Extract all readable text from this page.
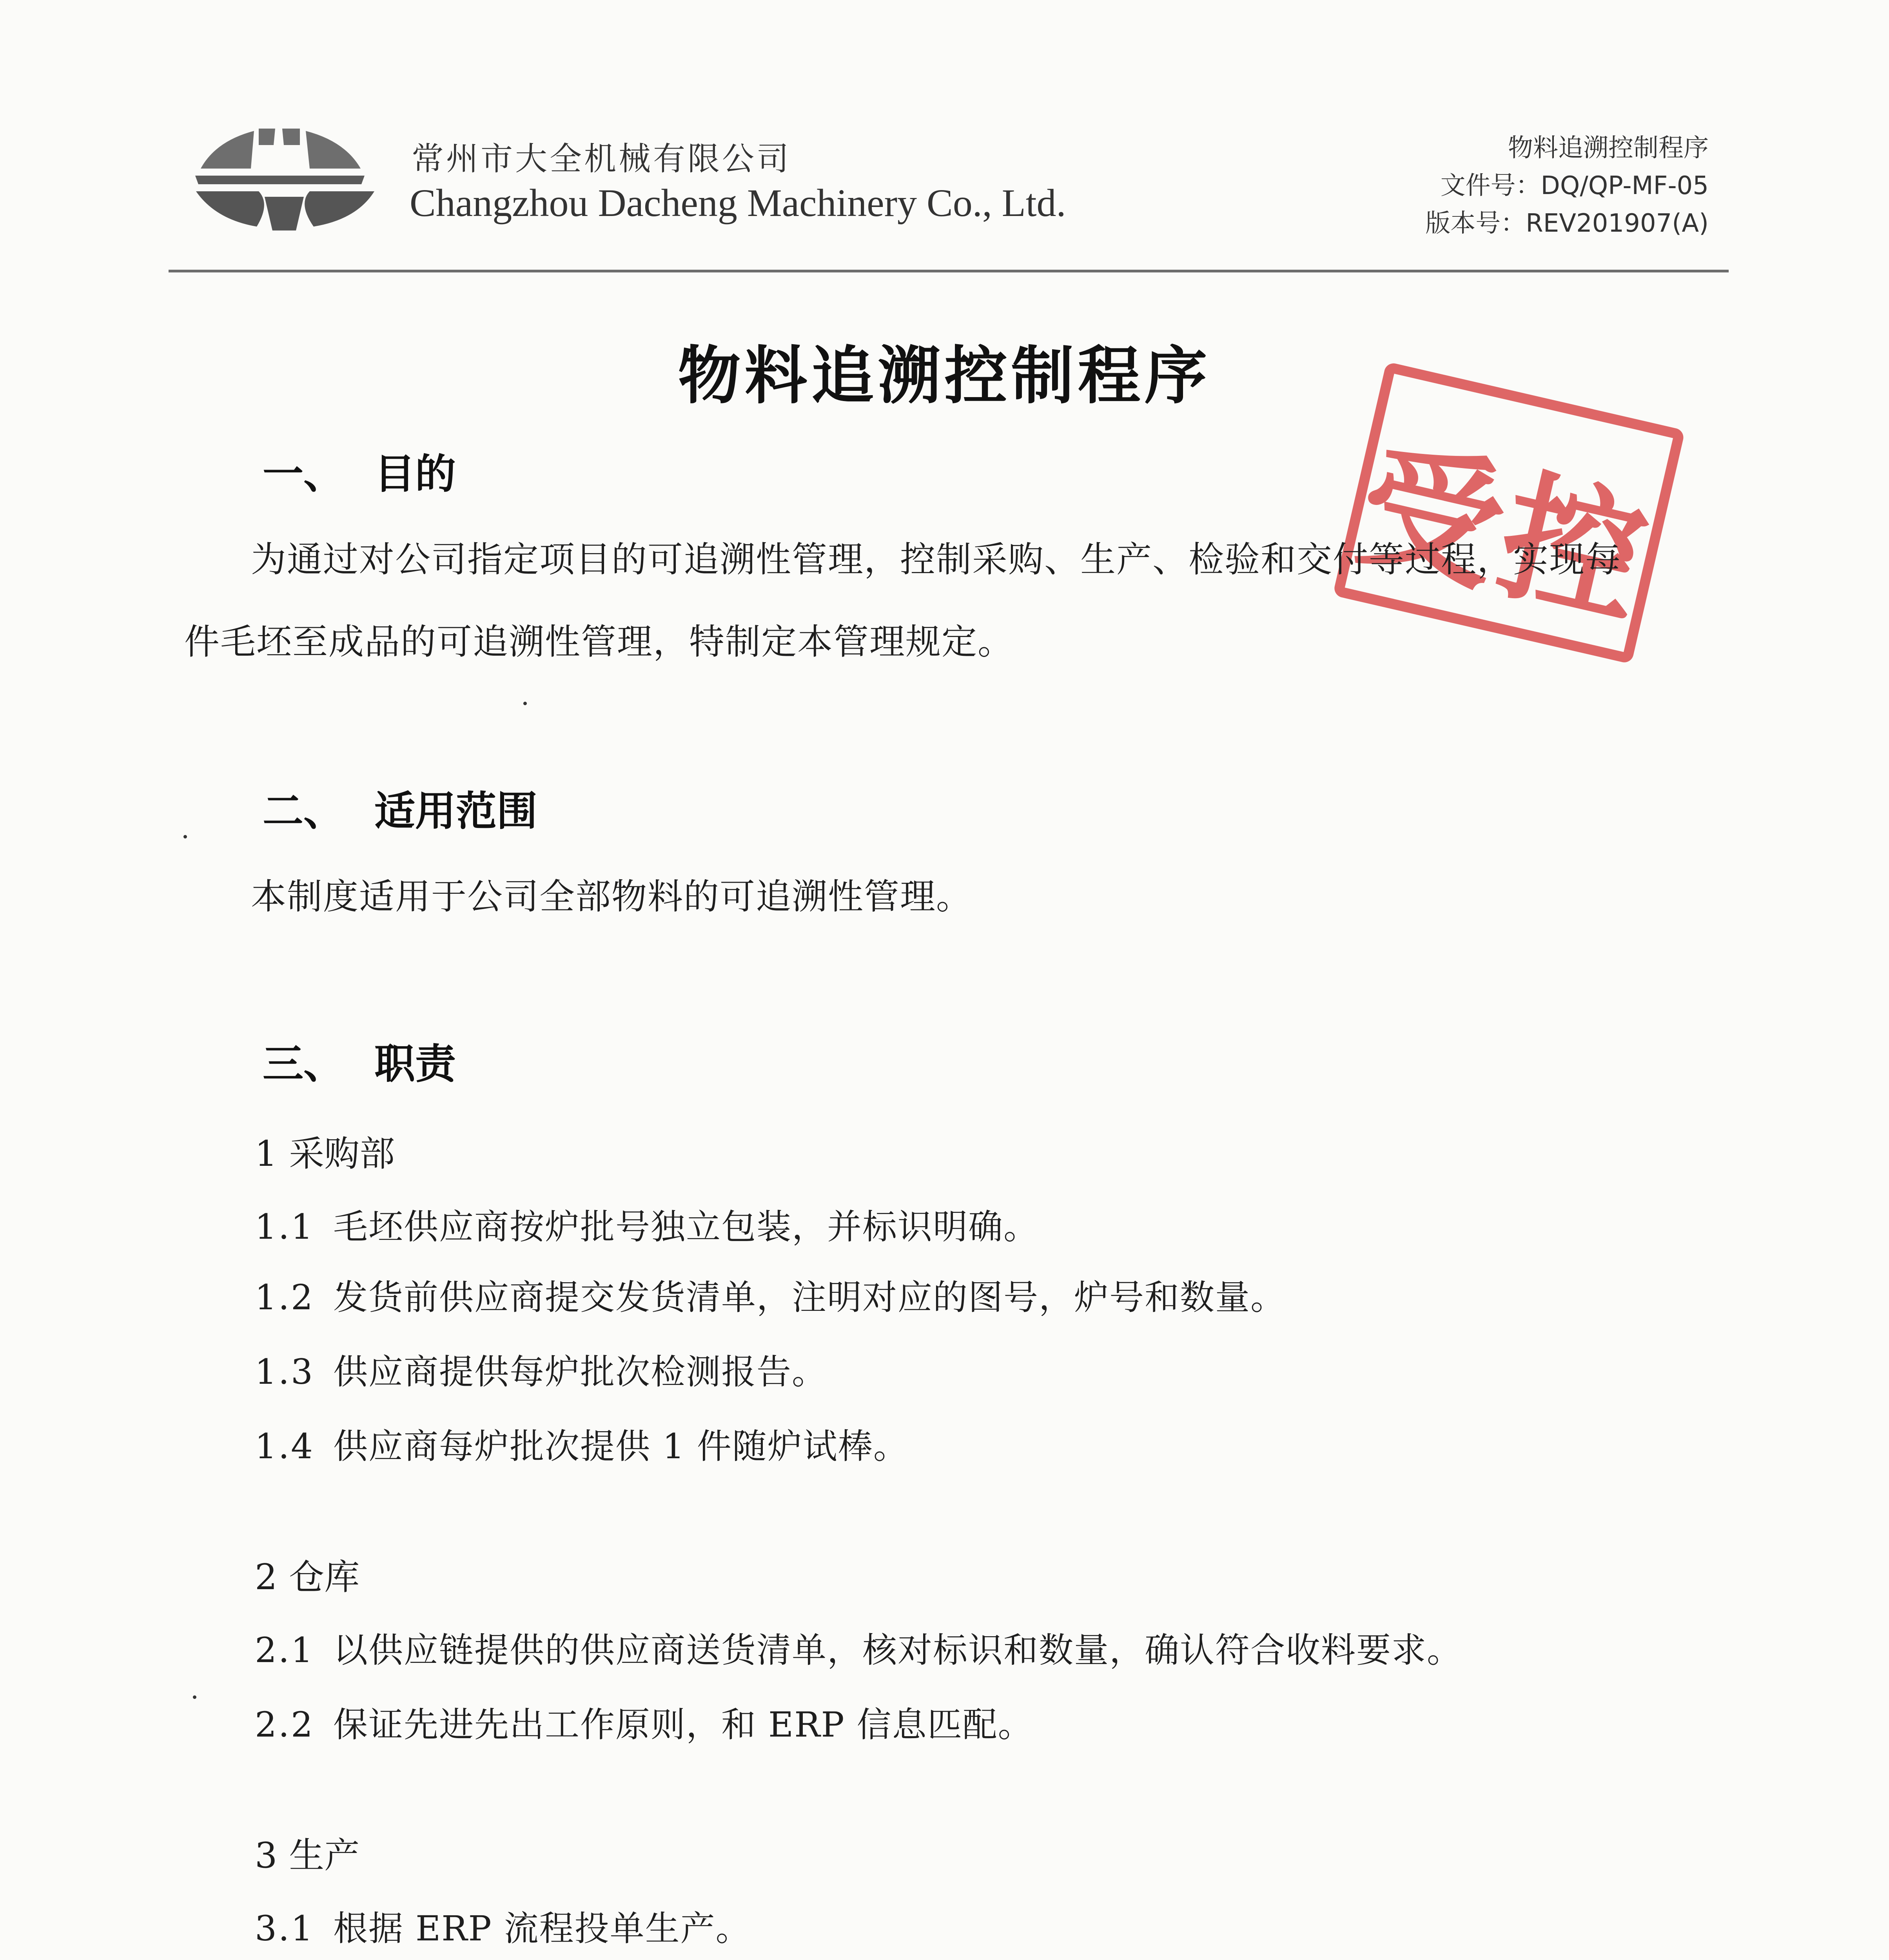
常州市大全机械有限公司
Changzhou Dacheng Machinery Co., Ltd.
物料追溯控制程序
文件号：DQ/QP-MF-05
版本号：REV201907(A)
物料追溯控制程序
受控
一、 目的
为通过对公司指定项目的可追溯性管理，控制采购、生产、检验和交付等过程，实现每
件毛坯至成品的可追溯性管理，特制定本管理规定。
二、 适用范围
本制度适用于公司全部物料的可追溯性管理。
三、 职责
1 采购部
1.1 毛坯供应商按炉批号独立包装，并标识明确。
1.2 发货前供应商提交发货清单，注明对应的图号，炉号和数量。
1.3 供应商提供每炉批次检测报告。
1.4 供应商每炉批次提供 1 件随炉试棒。
2 仓库
2.1 以供应链提供的供应商送货清单，核对标识和数量，确认符合收料要求。
2.2 保证先进先出工作原则，和 ERP 信息匹配。
3 生产
3.1 根据 ERP 流程投单生产。
